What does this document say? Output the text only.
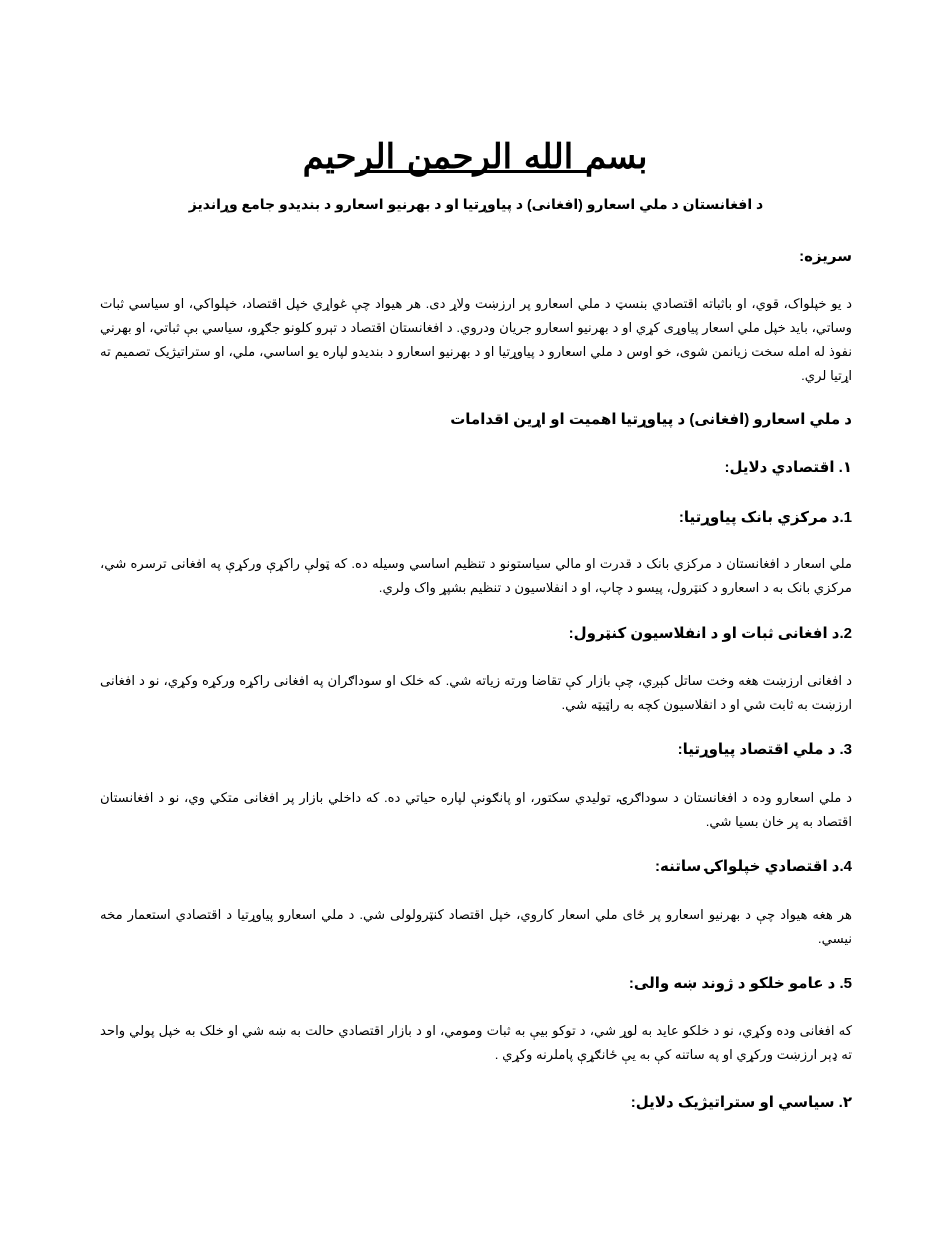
بسم الله الرحمن الرحيم
د افغانستان د ملي اسعارو (افغانی) د پیاوړتیا او د بهرنیو اسعارو د بندیدو جامع وړاندیز
سریزه:
د یو خپلواک، قوي، او باثباته اقتصادي بنسټ د ملي اسعارو پر ارزښت ولاړ دی. هر هیواد چې غواړي خپل اقتصاد، خپلواکي، او سیاسي ثبات وساتي، باید خپل ملي اسعار پیاوړی کړي او د بهرنیو اسعارو جریان ودروي. د افغانستان اقتصاد د تېرو کلونو جګړو، سیاسي بې ثباتي، او بهرني نفوذ له امله سخت زیانمن شوی، خو اوس د ملي اسعارو د پیاوړتیا او د بهرنیو اسعارو د بندیدو لپاره یو اساسي، ملي، او ستراتیژیک تصمیم ته اړتیا لري.
د ملي اسعارو (افغانی) د پیاوړتیا اهمیت او اړین اقدامات
۱. اقتصادي دلایل:
1.د مرکزي بانک پیاوړتیا:
ملي اسعار د افغانستان د مرکزي بانک د قدرت او مالي سیاستونو د تنظیم اساسي وسیله ده. که ټولې راکړې ورکړې په افغانی ترسره شي، مرکزي بانک به د اسعارو د کنټرول، پیسو د چاپ، او د انفلاسیون د تنظیم بشپړ واک ولري.
2.د افغانی ثبات او د انفلاسیون کنټرول:
د افغانی ارزښت هغه وخت ساتل کېږي، چې بازار کې تقاضا ورته زیاته شي. که خلک او سوداګران په افغانی راکړه ورکړه وکړي، نو د افغانی ارزښت به ثابت شي او د انفلاسیون کچه به راټیټه شي.
3. د ملي اقتصاد پیاوړتیا:
د ملي اسعارو وده د افغانستان د سوداګرۍ، تولیدي سکتور، او پانګونې لپاره حیاتي ده. که داخلي بازار پر افغانی متکي وي، نو د افغانستان اقتصاد به پر خان بسیا شي.
4.د اقتصادي خپلواکۍ ساتنه:
هر هغه هیواد چې د بهرنیو اسعارو پر ځای ملي اسعار کاروي، خپل اقتصاد کنټرولولی شي. د ملي اسعارو پیاوړتیا د اقتصادي استعمار مخه نیسي.
5. د عامو خلکو د ژوند ښه والی:
که افغانی وده وکړي، نو د خلکو عاید به لوړ شي، د توکو بیې به ثبات ومومي، او د بازار اقتصادي حالت به ښه شي او خلک به خپل پولي واحد ته ډېر ارزښت ورکړي او په ساتنه کې به یې ځانګړې پاملرنه وکړي .
۲. سیاسي او ستراتیژیک دلایل:
